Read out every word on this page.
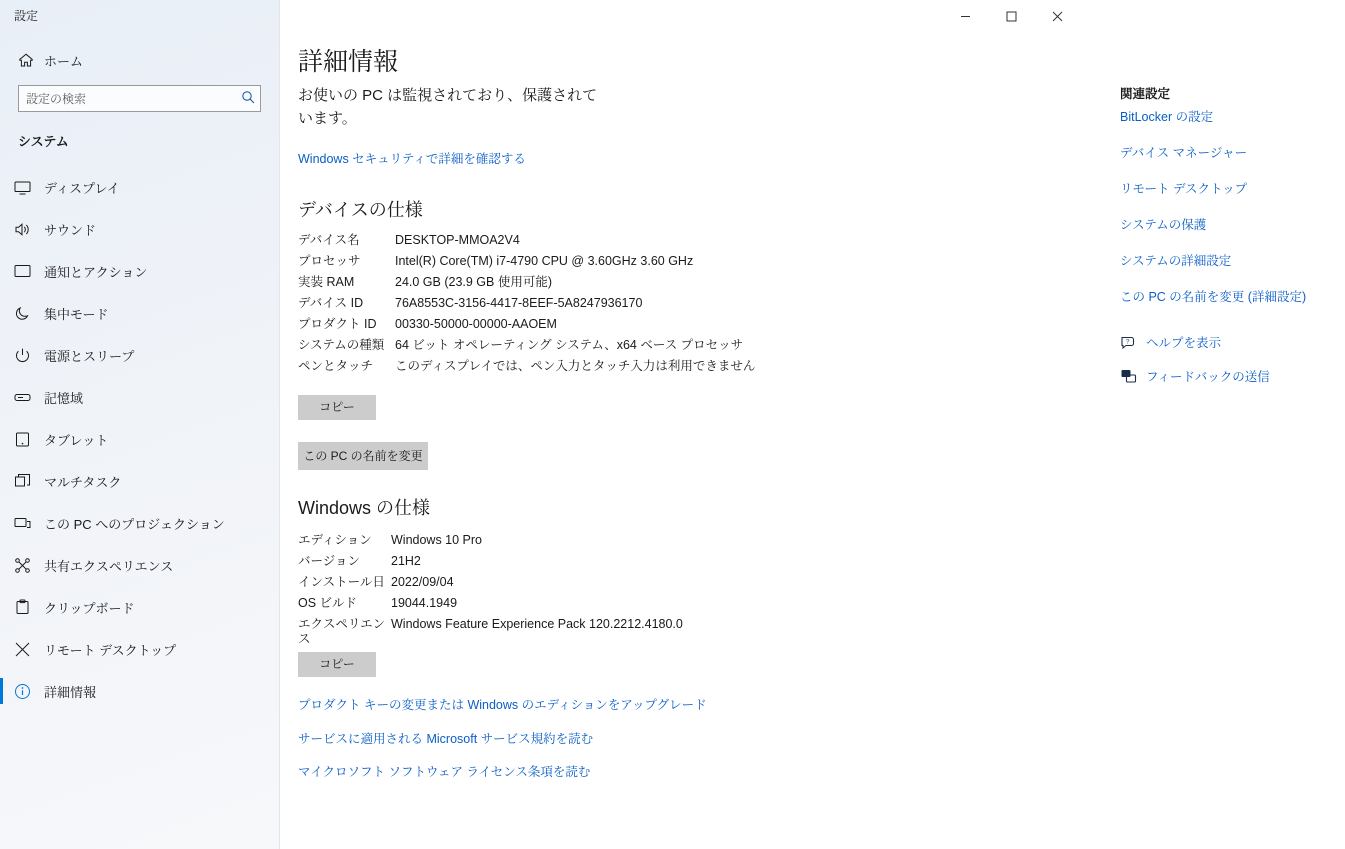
設定
ホーム
設定の検索
システム
ディスプレイ
サウンド
通知とアクション
集中モード
電源とスリープ
記憶域
タブレット
マルチタスク
この PC へのプロジェクション
共有エクスペリエンス
クリップボード
リモート デスクトップ
詳細情報
詳細情報
お使いの PC は監視されており、保護されています。
Windows セキュリティで詳細を確認する
デバイスの仕様
デバイス名	DESKTOP-MMOA2V4
プロセッサ	Intel(R) Core(TM) i7-4790 CPU @ 3.60GHz 3.60 GHz
実装 RAM	24.0 GB (23.9 GB 使用可能)
デバイス ID	76A8553C-3156-4417-8EEF-5A8247936170
プロダクト ID	00330-50000-00000-AAOEM
システムの種類	64 ビット オペレーティング システム、x64 ベース プロセッサ
ペンとタッチ	このディスプレイでは、ペン入力とタッチ入力は利用できません
コピー
この PC の名前を変更
Windows の仕様
エディション	Windows 10 Pro
バージョン	21H2
インストール日	2022/09/04
OS ビルド	19044.1949
エクスペリエンス	Windows Feature Experience Pack 120.2212.4180.0
コピー
プロダクト キーの変更または Windows のエディションをアップグレード
サービスに適用される Microsoft サービス規約を読む
マイクロソフト ソフトウェア ライセンス条項を読む
関連設定
BitLocker の設定
デバイス マネージャー
リモート デスクトップ
システムの保護
システムの詳細設定
この PC の名前を変更 (詳細設定)
? ヘルプを表示
フィードバックの送信
